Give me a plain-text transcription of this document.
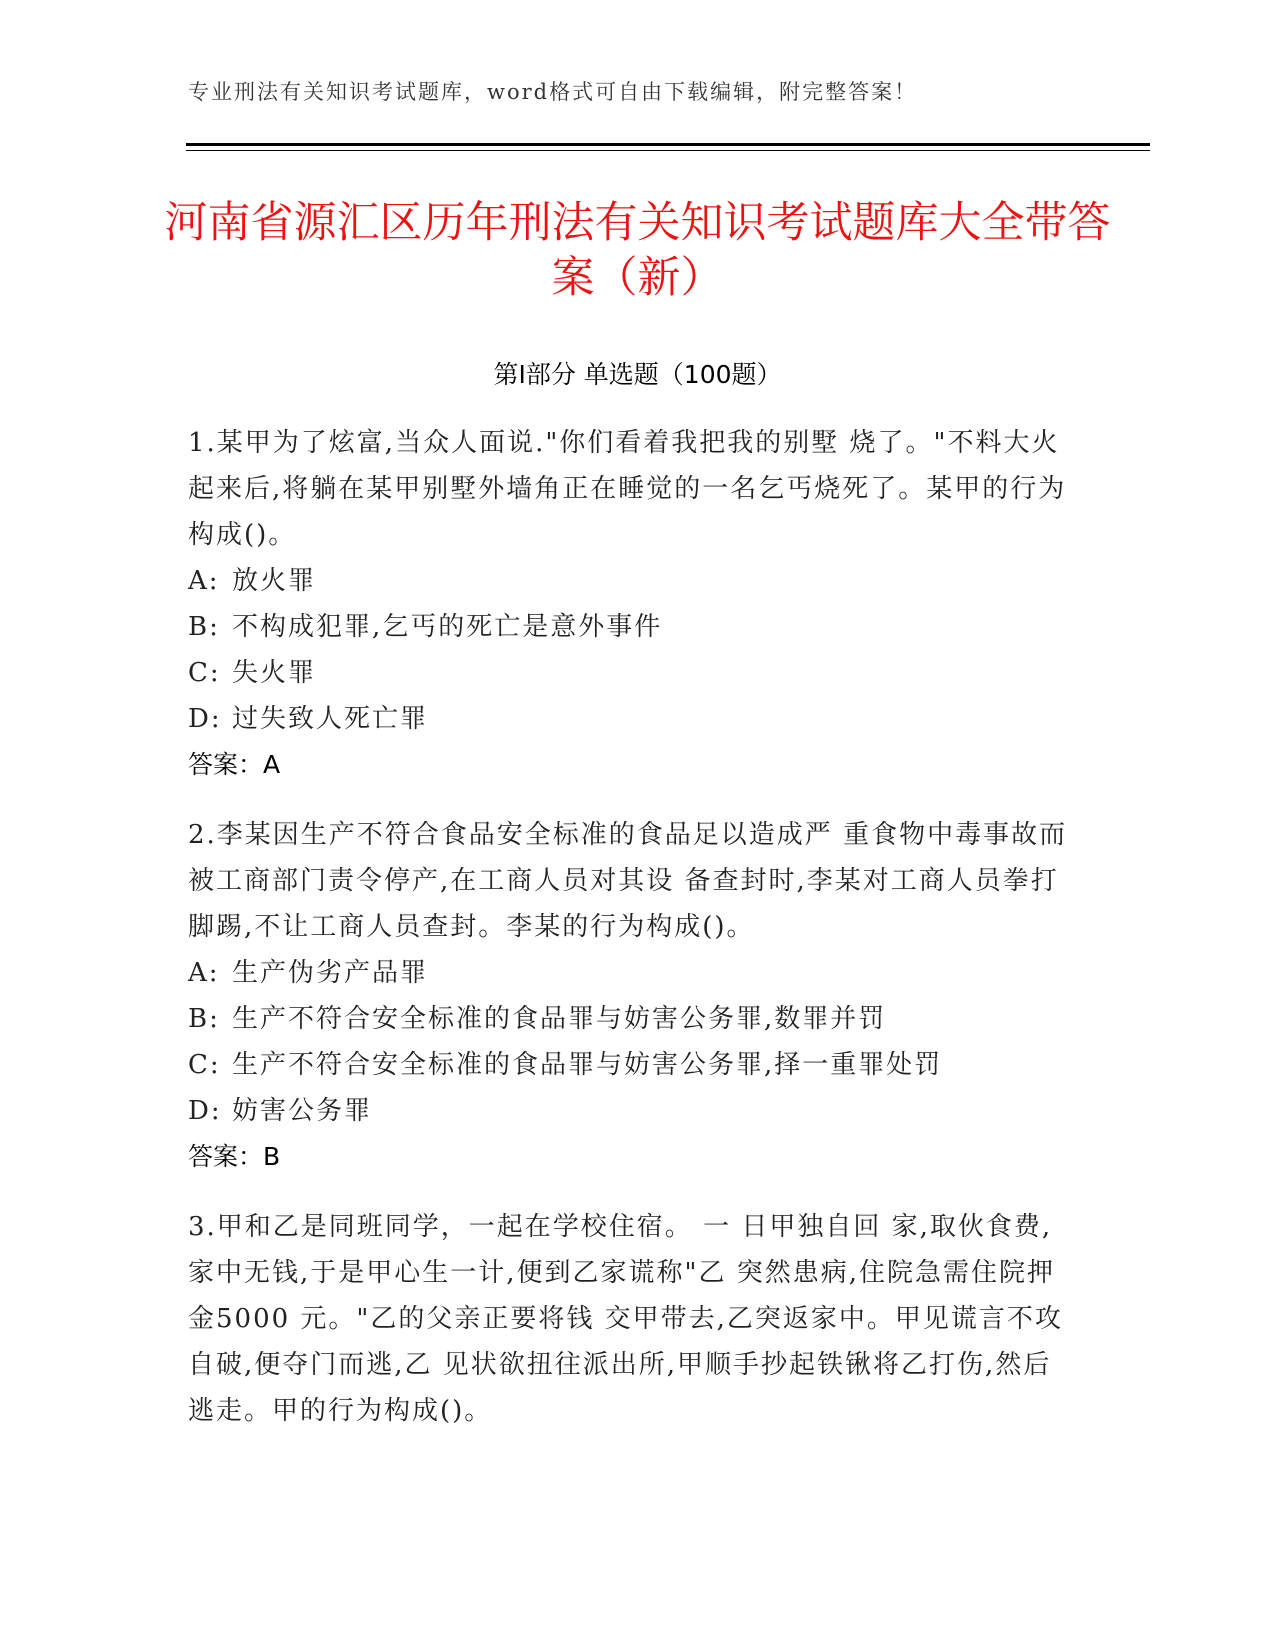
专业刑法有关知识考试题库，word格式可自由下载编辑，附完整答案！
河南省源汇区历年刑法有关知识考试题库大全带答案（新）
第Ⅰ部分 单选题（100题）

1.某甲为了炫富,当众人面说."你们看着我把我的别墅 烧了。"不料大火起来后,将躺在某甲别墅外墙角正在睡觉的一名乞丐烧死了。某甲的行为构成()。

A: 放火罪
B: 不构成犯罪,乞丐的死亡是意外事件
C: 失火罪
D: 过失致人死亡罪
答案：A

2.李某因生产不符合食品安全标准的食品足以造成严 重食物中毒事故而被工商部门责令停产,在工商人员对其设 备查封时,李某对工商人员拳打脚踢,不让工商人员查封。李某的行为构成()。

A: 生产伪劣产品罪
B: 生产不符合安全标准的食品罪与妨害公务罪,数罪并罚
C: 生产不符合安全标准的食品罪与妨害公务罪,择一重罪处罚
D: 妨害公务罪
答案：B

3.甲和乙是同班同学，一起在学校住宿。 一 日甲独自回 家,取伙食费,家中无钱,于是甲心生一计,便到乙家谎称"乙 突然患病,住院急需住院押金5000 元。"乙的父亲正要将钱 交甲带去,乙突返家中。甲见谎言不攻自破,便夺门而逃,乙 见状欲扭往派出所,甲顺手抄起铁锹将乙打伤,然后逃走。甲的行为构成()。
